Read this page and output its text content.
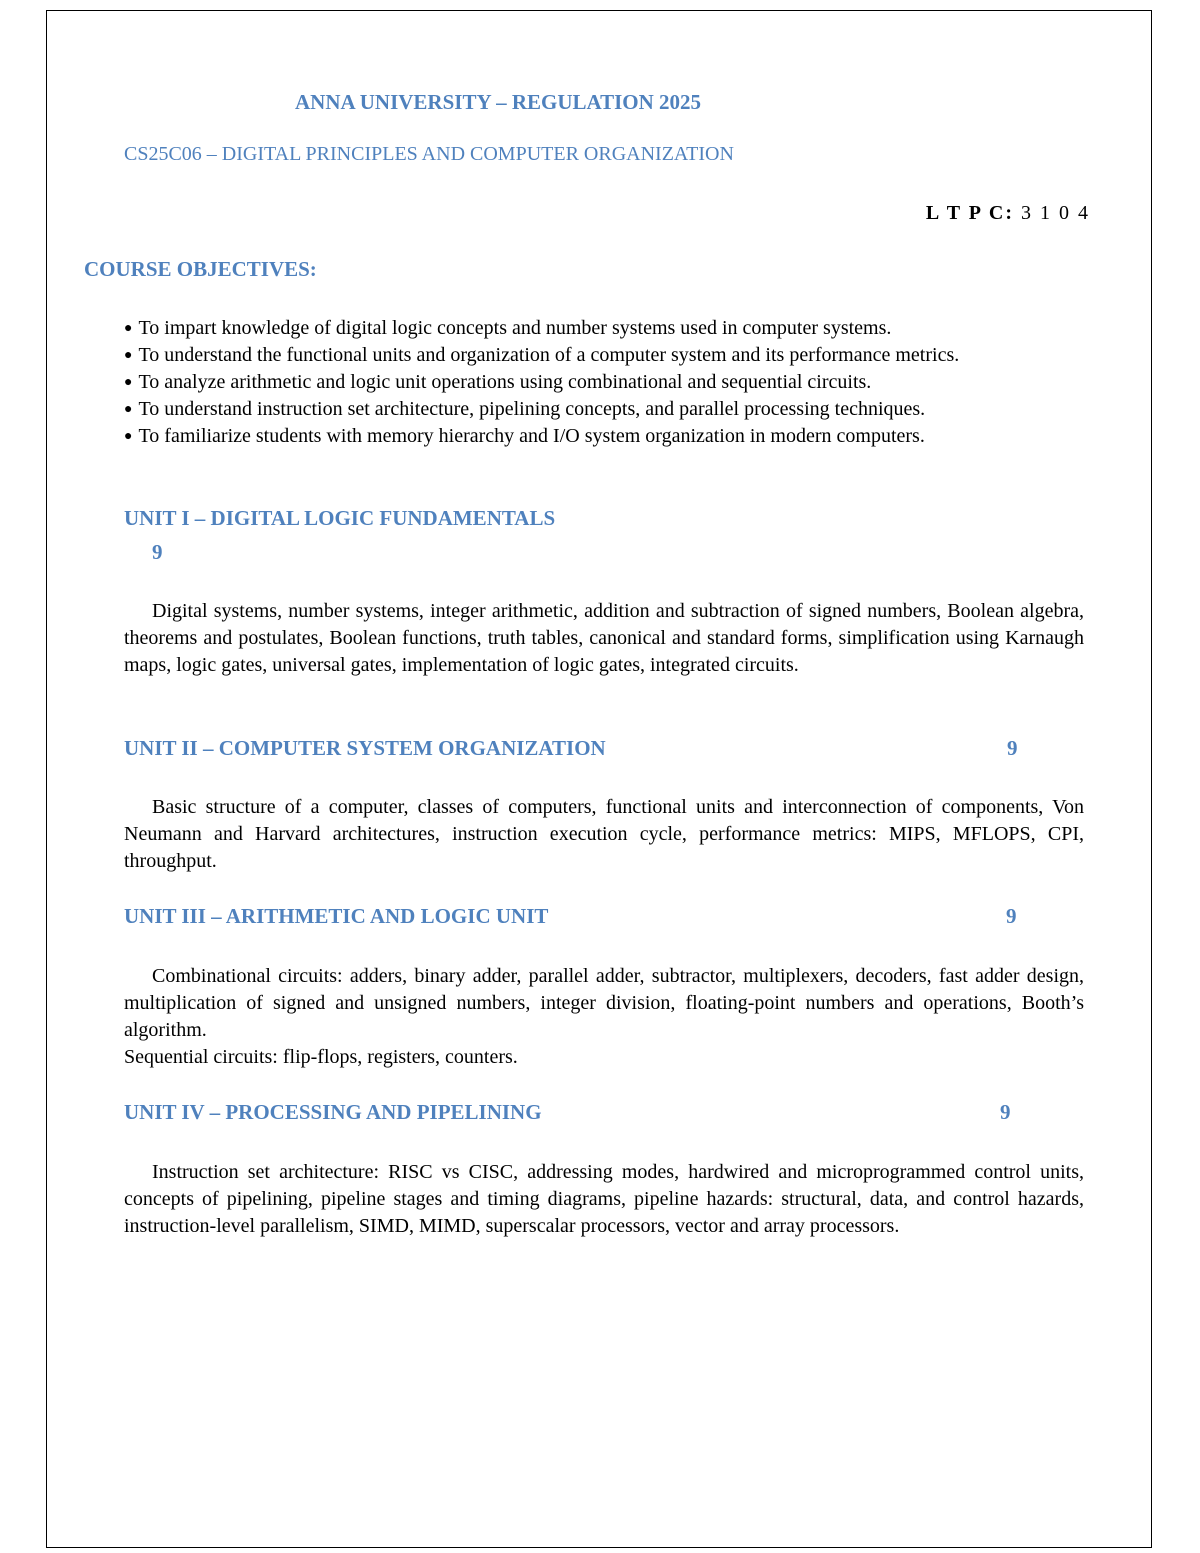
ANNA UNIVERSITY – REGULATION 2025
CS25C06 – DIGITAL PRINCIPLES AND COMPUTER ORGANIZATION
L T P C: 3 1 0 4
COURSE OBJECTIVES:
● To impart knowledge of digital logic concepts and number systems used in computer systems.
● To understand the functional units and organization of a computer system and its performance metrics.
● To analyze arithmetic and logic unit operations using combinational and sequential circuits.
● To understand instruction set architecture, pipelining concepts, and parallel processing techniques.
● To familiarize students with memory hierarchy and I/O system organization in modern computers.
UNIT I – DIGITAL LOGIC FUNDAMENTALS
9

Digital systems, number systems, integer arithmetic, addition and subtraction of signed numbers, Boolean algebra, theorems and postulates, Boolean functions, truth tables, canonical and standard forms, simplification using Karnaugh maps, logic gates, universal gates, implementation of logic gates, integrated circuits.

UNIT II – COMPUTER SYSTEM ORGANIZATION	9

Basic structure of a computer, classes of computers, functional units and interconnection of components, Von Neumann and Harvard architectures, instruction execution cycle, performance metrics: MIPS, MFLOPS, CPI, throughput.

UNIT III – ARITHMETIC AND LOGIC UNIT	9

Combinational circuits: adders, binary adder, parallel adder, subtractor, multiplexers, decoders, fast adder design, multiplication of signed and unsigned numbers, integer division, floating-point numbers and operations, Booth’s algorithm.

Sequential circuits: flip-flops, registers, counters.

UNIT IV – PROCESSING AND PIPELINING	9

Instruction set architecture: RISC vs CISC, addressing modes, hardwired and microprogrammed control units, concepts of pipelining, pipeline stages and timing diagrams, pipeline hazards: structural, data, and control hazards, instruction-level parallelism, SIMD, MIMD, superscalar processors, vector and array processors.
